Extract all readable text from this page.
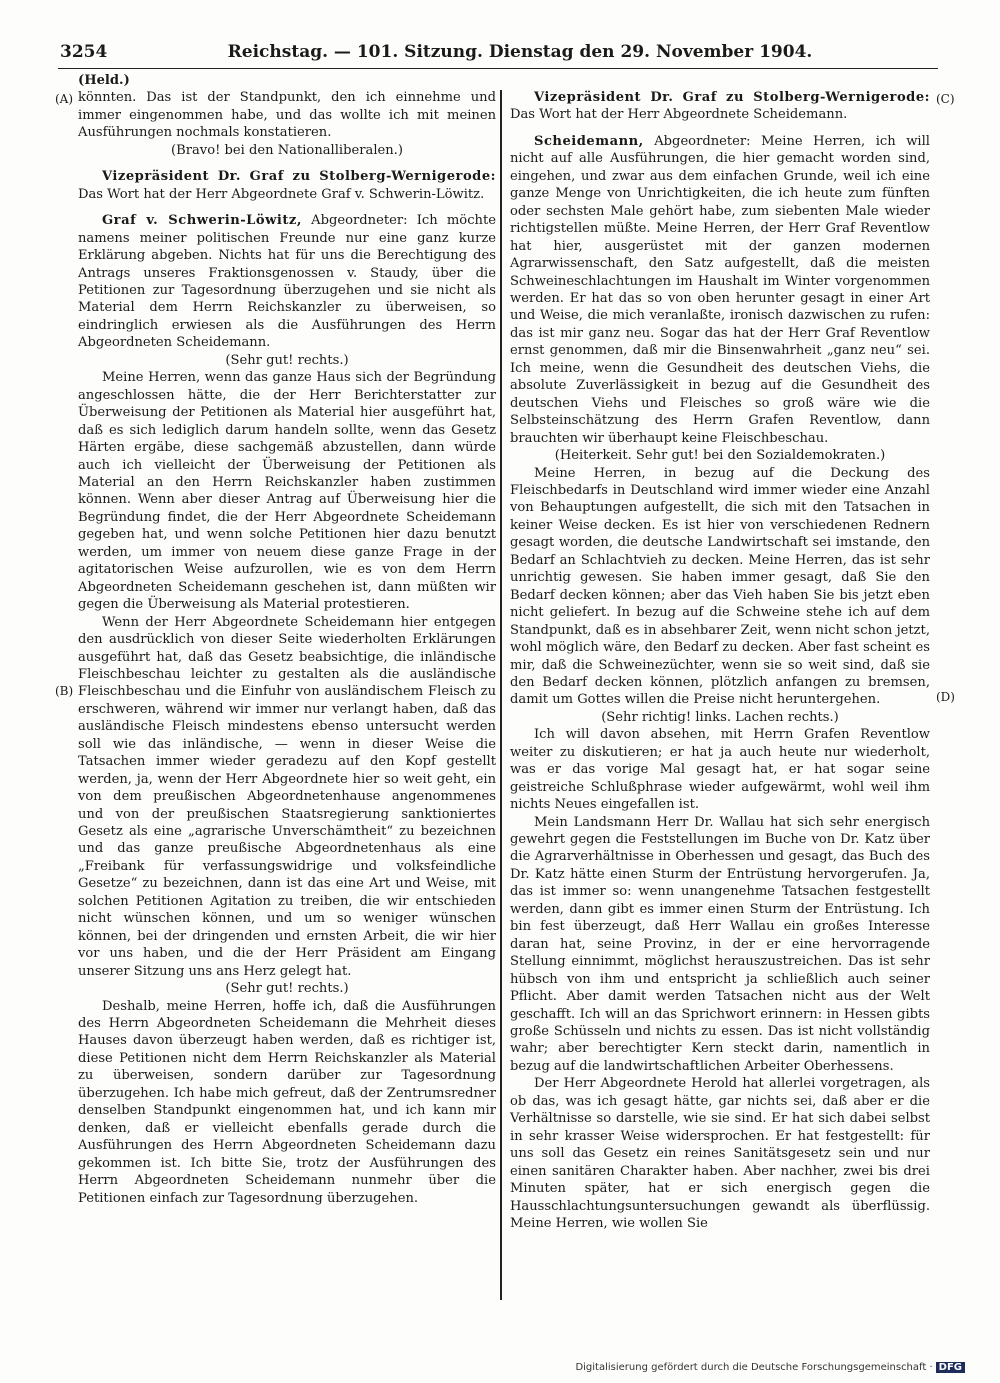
3254	Reichstag. — 101. Sitzung. Dienstag den 29. November 1904.
(A)
(B)
(C)
(D)

(Held.)

könnten. Das ist der Standpunkt, den ich einnehme und immer eingenommen habe, und das wollte ich mit meinen Ausführungen nochmals konstatieren.

(Bravo! bei den Nationalliberalen.)

Vizepräsident Dr. Graf zu Stolberg-Wernigerode: Das Wort hat der Herr Abgeordnete Graf v. Schwerin-Löwitz.

Graf v. Schwerin-Löwitz, Abgeordneter: Ich möchte namens meiner politischen Freunde nur eine ganz kurze Erklärung abgeben. Nichts hat für uns die Berechtigung des Antrags unseres Fraktionsgenossen v. Staudy, über die Petitionen zur Tagesordnung überzugehen und sie nicht als Material dem Herrn Reichskanzler zu überweisen, so eindringlich erwiesen als die Ausführungen des Herrn Abgeordneten Scheidemann.

(Sehr gut! rechts.)

Meine Herren, wenn das ganze Haus sich der Begründung angeschlossen hätte, die der Herr Berichterstatter zur Überweisung der Petitionen als Material hier ausgeführt hat, daß es sich lediglich darum handeln sollte, wenn das Gesetz Härten ergäbe, diese sachgemäß abzustellen, dann würde auch ich vielleicht der Überweisung der Petitionen als Material an den Herrn Reichskanzler haben zustimmen können. Wenn aber dieser Antrag auf Überweisung hier die Begründung findet, die der Herr Abgeordnete Scheidemann gegeben hat, und wenn solche Petitionen hier dazu benutzt werden, um immer von neuem diese ganze Frage in der agitatorischen Weise aufzurollen, wie es von dem Herrn Abgeordneten Scheidemann geschehen ist, dann müßten wir gegen die Überweisung als Material protestieren.

Wenn der Herr Abgeordnete Scheidemann hier entgegen den ausdrücklich von dieser Seite wiederholten Erklärungen ausgeführt hat, daß das Gesetz beabsichtige, die inländische Fleischbeschau leichter zu gestalten als die ausländische Fleischbeschau und die Einfuhr von ausländischem Fleisch zu erschweren, während wir immer nur verlangt haben, daß das ausländische Fleisch mindestens ebenso untersucht werden soll wie das inländische, — wenn in dieser Weise die Tatsachen immer wieder geradezu auf den Kopf gestellt werden, ja, wenn der Herr Abgeordnete hier so weit geht, ein von dem preußischen Abgeordnetenhause angenommenes und von der preußischen Staatsregierung sanktioniertes Gesetz als eine „agrarische Unverschämtheit“ zu bezeichnen und das ganze preußische Abgeordnetenhaus als eine „Freibank für verfassungswidrige und volksfeindliche Gesetze“ zu bezeichnen, dann ist das eine Art und Weise, mit solchen Petitionen Agitation zu treiben, die wir entschieden nicht wünschen können, und um so weniger wünschen können, bei der dringenden und ernsten Arbeit, die wir hier vor uns haben, und die der Herr Präsident am Eingang unserer Sitzung uns ans Herz gelegt hat.

(Sehr gut! rechts.)

Deshalb, meine Herren, hoffe ich, daß die Ausführungen des Herrn Abgeordneten Scheidemann die Mehrheit dieses Hauses davon überzeugt haben werden, daß es richtiger ist, diese Petitionen nicht dem Herrn Reichskanzler als Material zu überweisen, sondern darüber zur Tagesordnung überzugehen. Ich habe mich gefreut, daß der Zentrumsredner denselben Standpunkt eingenommen hat, und ich kann mir denken, daß er vielleicht ebenfalls gerade durch die Ausführungen des Herrn Abgeordneten Scheidemann dazu gekommen ist. Ich bitte Sie, trotz der Ausführungen des Herrn Abgeordneten Scheidemann nunmehr über die Petitionen einfach zur Tagesordnung überzugehen.

Vizepräsident Dr. Graf zu Stolberg-Wernigerode: Das Wort hat der Herr Abgeordnete Scheidemann.

Scheidemann, Abgeordneter: Meine Herren, ich will nicht auf alle Ausführungen, die hier gemacht worden sind, eingehen, und zwar aus dem einfachen Grunde, weil ich eine ganze Menge von Unrichtigkeiten, die ich heute zum fünften oder sechsten Male gehört habe, zum siebenten Male wieder richtigstellen müßte. Meine Herren, der Herr Graf Reventlow hat hier, ausgerüstet mit der ganzen modernen Agrarwissenschaft, den Satz aufgestellt, daß die meisten Schweineschlachtungen im Haushalt im Winter vorgenommen werden. Er hat das so von oben herunter gesagt in einer Art und Weise, die mich veranlaßte, ironisch dazwischen zu rufen: das ist mir ganz neu. Sogar das hat der Herr Graf Reventlow ernst genommen, daß mir die Binsenwahrheit „ganz neu“ sei. Ich meine, wenn die Gesundheit des deutschen Viehs, die absolute Zuverlässigkeit in bezug auf die Gesundheit des deutschen Viehs und Fleisches so groß wäre wie die Selbsteinschätzung des Herrn Grafen Reventlow, dann brauchten wir überhaupt keine Fleischbeschau.

(Heiterkeit. Sehr gut! bei den Sozialdemokraten.)

Meine Herren, in bezug auf die Deckung des Fleischbedarfs in Deutschland wird immer wieder eine Anzahl von Behauptungen aufgestellt, die sich mit den Tatsachen in keiner Weise decken. Es ist hier von verschiedenen Rednern gesagt worden, die deutsche Landwirtschaft sei imstande, den Bedarf an Schlachtvieh zu decken. Meine Herren, das ist sehr unrichtig gewesen. Sie haben immer gesagt, daß Sie den Bedarf decken können; aber das Vieh haben Sie bis jetzt eben nicht geliefert. In bezug auf die Schweine stehe ich auf dem Standpunkt, daß es in absehbarer Zeit, wenn nicht schon jetzt, wohl möglich wäre, den Bedarf zu decken. Aber fast scheint es mir, daß die Schweinezüchter, wenn sie so weit sind, daß sie den Bedarf decken können, plötzlich anfangen zu bremsen, damit um Gottes willen die Preise nicht heruntergehen.

(Sehr richtig! links. Lachen rechts.)

Ich will davon absehen, mit Herrn Grafen Reventlow weiter zu diskutieren; er hat ja auch heute nur wiederholt, was er das vorige Mal gesagt hat, er hat sogar seine geistreiche Schlußphrase wieder aufgewärmt, wohl weil ihm nichts Neues eingefallen ist.

Mein Landsmann Herr Dr. Wallau hat sich sehr energisch gewehrt gegen die Feststellungen im Buche von Dr. Katz über die Agrarverhältnisse in Oberhessen und gesagt, das Buch des Dr. Katz hätte einen Sturm der Entrüstung hervorgerufen. Ja, das ist immer so: wenn unangenehme Tatsachen festgestellt werden, dann gibt es immer einen Sturm der Entrüstung. Ich bin fest überzeugt, daß Herr Wallau ein großes Interesse daran hat, seine Provinz, in der er eine hervorragende Stellung einnimmt, möglichst herauszustreichen. Das ist sehr hübsch von ihm und entspricht ja schließlich auch seiner Pflicht. Aber damit werden Tatsachen nicht aus der Welt geschafft. Ich will an das Sprichwort erinnern: in Hessen gibts große Schüsseln und nichts zu essen. Das ist nicht vollständig wahr; aber berechtigter Kern steckt darin, namentlich in bezug auf die landwirtschaftlichen Arbeiter Oberhessens.

Der Herr Abgeordnete Herold hat allerlei vorgetragen, als ob das, was ich gesagt hätte, gar nichts sei, daß aber er die Verhältnisse so darstelle, wie sie sind. Er hat sich dabei selbst in sehr krasser Weise widersprochen. Er hat festgestellt: für uns soll das Gesetz ein reines Sanitätsgesetz sein und nur einen sanitären Charakter haben. Aber nachher, zwei bis drei Minuten später, hat er sich energisch gegen die Hausschlachtungsuntersuchungen gewandt als überflüssig. Meine Herren, wie wollen Sie

Digitalisierung gefördert durch die Deutsche Forschungsgemeinschaft · DFG
